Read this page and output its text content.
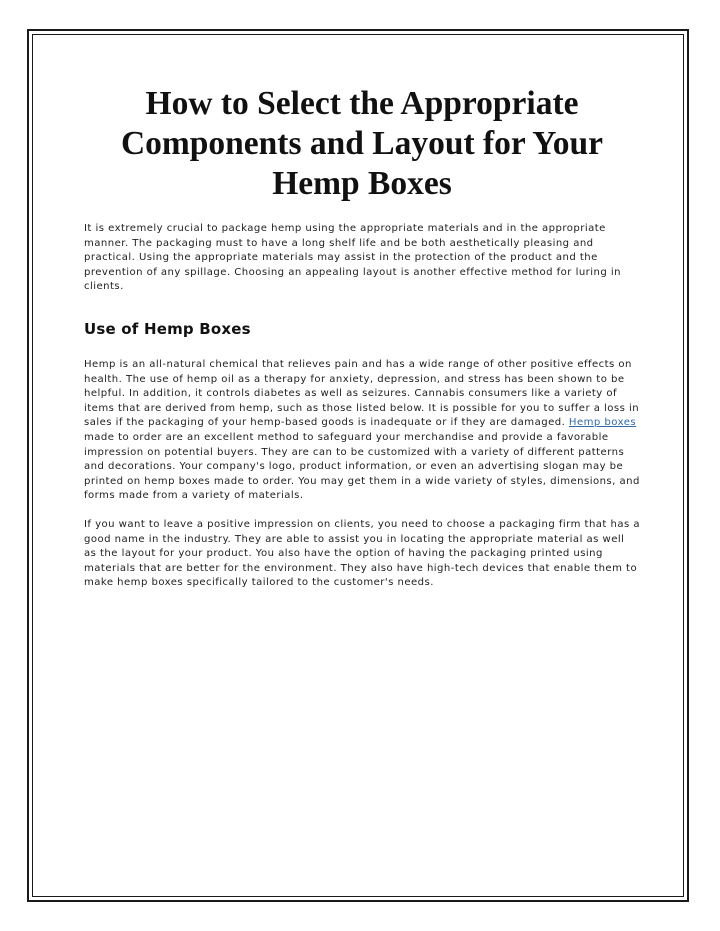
How to Select the Appropriate
Components and Layout for Your
Hemp Boxes

It is extremely crucial to package hemp using the appropriate materials and in the appropriate manner. The packaging must to have a long shelf life and be both aesthetically pleasing and practical. Using the appropriate materials may assist in the protection of the product and the prevention of any spillage. Choosing an appealing layout is another effective method for luring in clients.

Use of Hemp Boxes

Hemp is an all-natural chemical that relieves pain and has a wide range of other positive effects on health. The use of hemp oil as a therapy for anxiety, depression, and stress has been shown to be helpful. In addition, it controls diabetes as well as seizures. Cannabis consumers like a variety of items that are derived from hemp, such as those listed below. It is possible for you to suffer a loss in sales if the packaging of your hemp-based goods is inadequate or if they are damaged. Hemp boxes made to order are an excellent method to safeguard your merchandise and provide a favorable impression on potential buyers. They are can to be customized with a variety of different patterns and decorations. Your company's logo, product information, or even an advertising slogan may be printed on hemp boxes made to order. You may get them in a wide variety of styles, dimensions, and forms made from a variety of materials.

If you want to leave a positive impression on clients, you need to choose a packaging firm that has a good name in the industry. They are able to assist you in locating the appropriate material as well as the layout for your product. You also have the option of having the packaging printed using materials that are better for the environment. They also have high-tech devices that enable them to make hemp boxes specifically tailored to the customer's needs.
